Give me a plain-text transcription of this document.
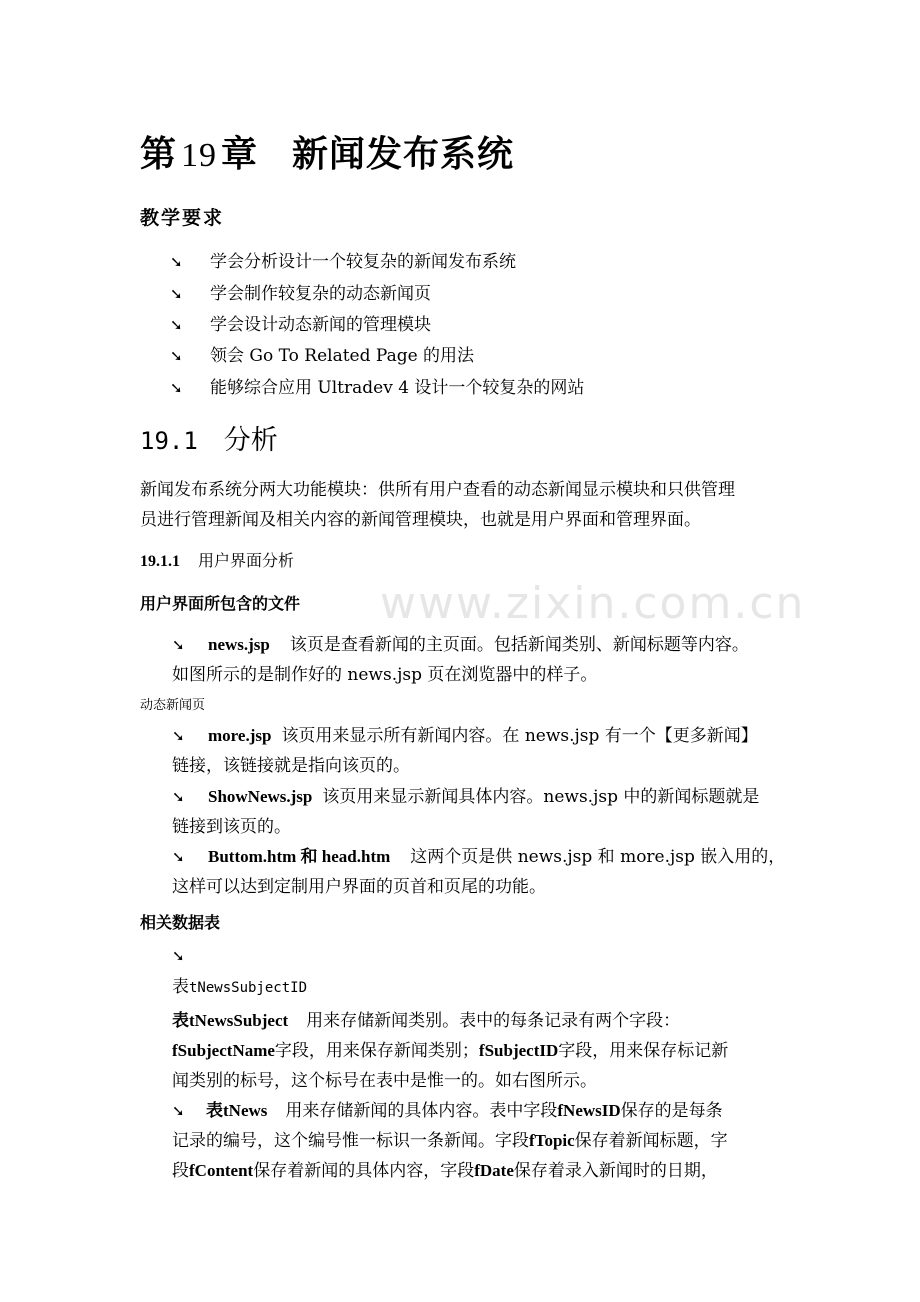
www.zixin.com.cn
第 19 章 新闻发布系统
教学要求
➘ 学会分析设计一个较复杂的新闻发布系统
➘ 学会制作较复杂的动态新闻页
➘ 学会设计动态新闻的管理模块
➘ 领会 Go To Related Page 的用法
➘ 能够综合应用 Ultradev 4 设计一个较复杂的网站
19.1 分析
新闻发布系统分两大功能模块：供所有用户查看的动态新闻显示模块和只供管理
员进行管理新闻及相关内容的新闻管理模块，也就是用户界面和管理界面。
19.1.1 用户界面分析
用户界面所包含的文件
➘ news.jsp 该页是查看新闻的主页面。包括新闻类别、新闻标题等内容。
如图所示的是制作好的 news.jsp 页在浏览器中的样子。
动态新闻页
➘ more.jsp 该页用来显示所有新闻内容。在 news.jsp 有一个【更多新闻】
链接，该链接就是指向该页的。
➘ ShowNews.jsp 该页用来显示新闻具体内容。news.jsp 中的新闻标题就是
链接到该页的。
➘ Buttom.htm 和 head.htm 这两个页是供 news.jsp 和 more.jsp 嵌入用的，
这样可以达到定制用户界面的页首和页尾的功能。
相关数据表
➘
表tNewsSubjectID
表tNewsSubject 用来存储新闻类别。表中的每条记录有两个字段：
fSubjectName字段，用来保存新闻类别；fSubjectID字段，用来保存标记新
闻类别的标号，这个标号在表中是惟一的。如右图所示。
➘ 表tNews 用来存储新闻的具体内容。表中字段fNewsID保存的是每条
记录的编号，这个编号惟一标识一条新闻。字段fTopic保存着新闻标题，字
段fContent保存着新闻的具体内容，字段fDate保存着录入新闻时的日期，
